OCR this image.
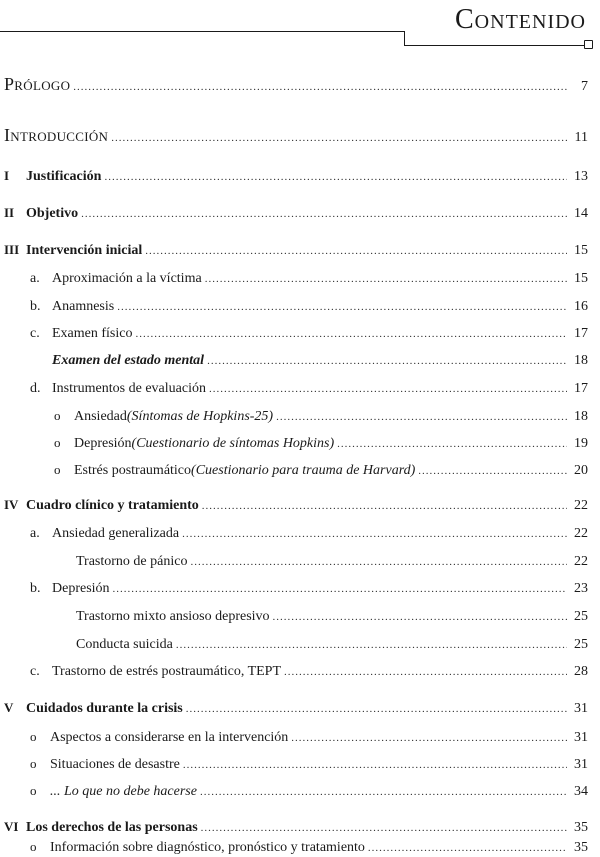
Contenido
Prólogo .....	7
Introducción .....	11
I	Justificación .....	13
II Objetivo .....	14
III Intervención inicial .....	15
a. Aproximación a la víctima .....	15
b. Anamnesis .....	16
c. Examen físico .....	17
Examen del estado mental .....	18
d. Instrumentos de evaluación .....	17
o Ansiedad (Síntomas de Hopkins-25) .....	18
o Depresión (Cuestionario de síntomas Hopkins) .....	19
o Estrés postraumático (Cuestionario para trauma de Harvard) .....	20
IV Cuadro clínico y tratamiento .....	22
a. Ansiedad generalizada .....	22
Trastorno de pánico .....	22
b. Depresión .....	23
Trastorno mixto ansioso depresivo .....	25
Conducta suicida .....	25
c. Trastorno de estrés postraumático, TEPT .....	28
V Cuidados durante la crisis .....	31
o Aspectos a considerarse en la intervención .....	31
o Situaciones de desastre .....	31
o ... Lo que no debe hacerse .....	34
VI Los derechos de las personas .....	35
o Información sobre diagnóstico, pronóstico y tratamiento .....	35
